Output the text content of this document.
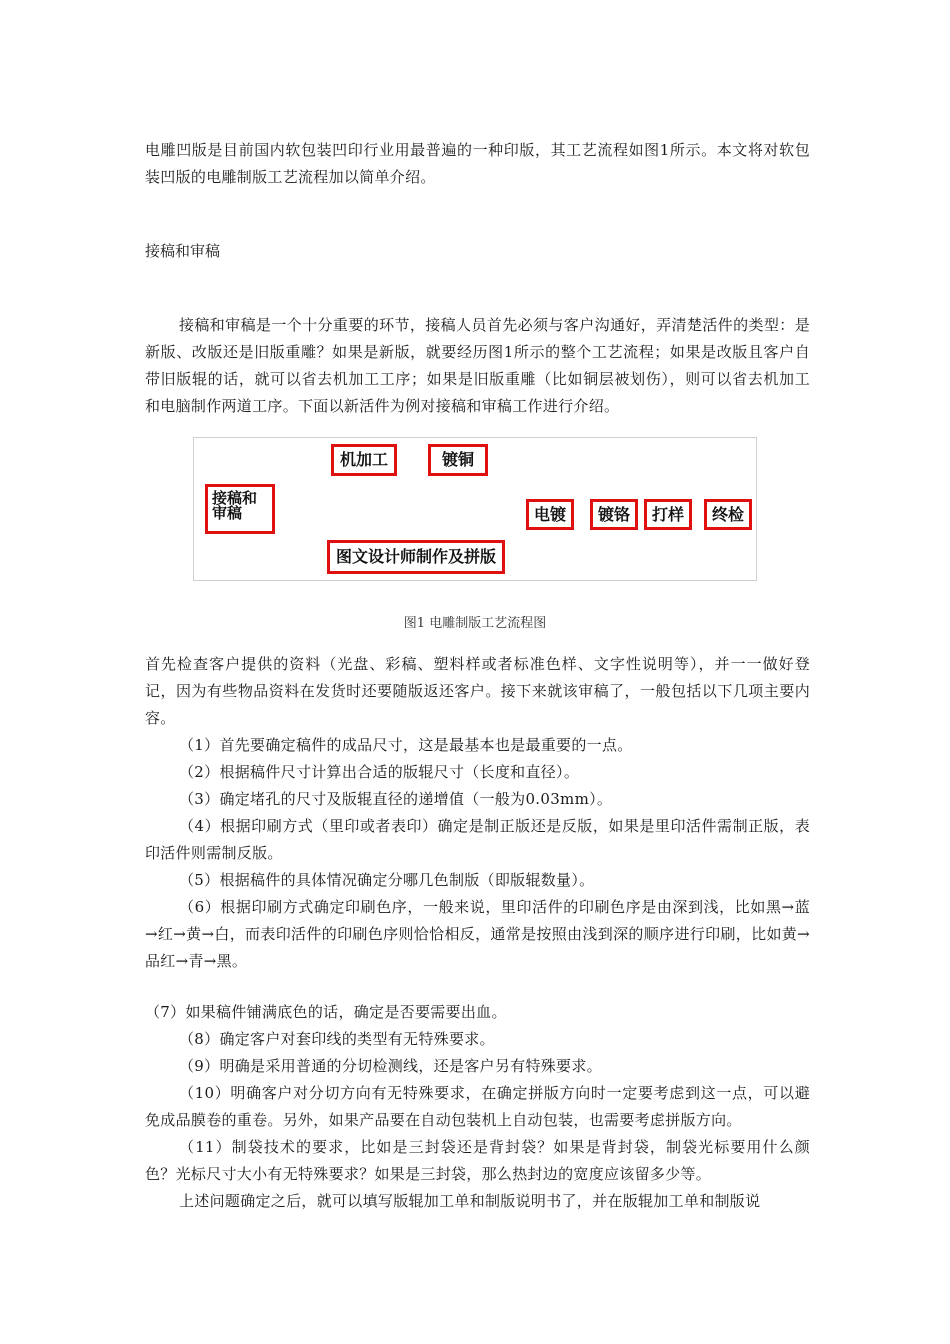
电雕凹版是目前国内软包装凹印行业用最普遍的一种印版，其工艺流程如图1所示。本文将对软包装凹版的电雕制版工艺流程加以简单介绍。

接稿和审稿

接稿和审稿是一个十分重要的环节，接稿人员首先必须与客户沟通好，弄清楚活件的类型：是新版、改版还是旧版重雕？如果是新版，就要经历图1所示的整个工艺流程；如果是改版且客户自带旧版辊的话，就可以省去机加工工序；如果是旧版重雕（比如铜层被划伤），则可以省去机加工和电脑制作两道工序。下面以新活件为例对接稿和审稿工作进行介绍。

机加工	镀铜
接稿和审稿	电镀	镀铬	打样	终检
图文设计师制作及拼版
图1 电雕制版工艺流程图

首先检查客户提供的资料（光盘、彩稿、塑料样或者标准色样、文字性说明等），并一一做好登记，因为有些物品资料在发货时还要随版返还客户。接下来就该审稿了，一般包括以下几项主要内容。

（1）首先要确定稿件的成品尺寸，这是最基本也是最重要的一点。

（2）根据稿件尺寸计算出合适的版辊尺寸（长度和直径）。

（3）确定堵孔的尺寸及版辊直径的递增值（一般为0.03mm）。

（4）根据印刷方式（里印或者表印）确定是制正版还是反版，如果是里印活件需制正版，表印活件则需制反版。

（5）根据稿件的具体情况确定分哪几色制版（即版辊数量）。

（6）根据印刷方式确定印刷色序，一般来说，里印活件的印刷色序是由深到浅，比如黑→蓝→红→黄→白，而表印活件的印刷色序则恰恰相反，通常是按照由浅到深的顺序进行印刷，比如黄→品红→青→黑。

（7）如果稿件铺满底色的话，确定是否要需要出血。

（8）确定客户对套印线的类型有无特殊要求。

（9）明确是采用普通的分切检测线，还是客户另有特殊要求。

（10）明确客户对分切方向有无特殊要求，在确定拼版方向时一定要考虑到这一点，可以避免成品膜卷的重卷。另外，如果产品要在自动包装机上自动包装，也需要考虑拼版方向。

（11）制袋技术的要求，比如是三封袋还是背封袋？如果是背封袋，制袋光标要用什么颜色？光标尺寸大小有无特殊要求？如果是三封袋，那么热封边的宽度应该留多少等。

上述问题确定之后，就可以填写版辊加工单和制版说明书了，并在版辊加工单和制版说
